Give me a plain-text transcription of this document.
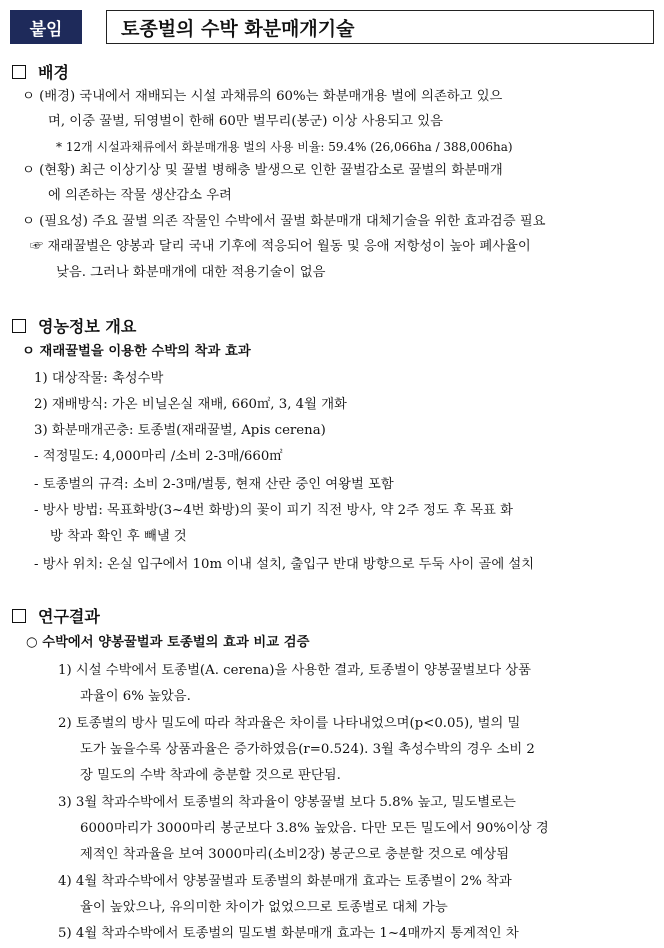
붙임	토종벌의 수박 화분매개기술
배경
ㅇ (배경) 국내에서 재배되는 시설 과채류의 60%는 화분매개용 벌에 의존하고 있으
며, 이중 꿀벌, 뒤영벌이 한해 60만 벌무리(봉군) 이상 사용되고 있음
* 12개 시설과채류에서 화분매개용 벌의 사용 비율: 59.4% (26,066ha / 388,006ha)
ㅇ (현황) 최근 이상기상 및 꿀벌 병해충 발생으로 인한 꿀벌감소로 꿀벌의 화분매개
에 의존하는 작물 생산감소 우려
ㅇ (필요성) 주요 꿀벌 의존 작물인 수박에서 꿀벌 화분매개 대체기술을 위한 효과검증 필요
☞ 재래꿀벌은 양봉과 달리 국내 기후에 적응되어 월동 및 응애 저항성이 높아 폐사율이
낮음. 그러나 화분매개에 대한 적용기술이 없음
영농정보 개요
ㅇ 재래꿀벌을 이용한 수박의 착과 효과
1) 대상작물: 촉성수박
2) 재배방식: 가온 비닐온실 재배, 660㎡, 3, 4월 개화
3) 화분매개곤충: 토종벌(재래꿀벌, Apis cerena)
- 적정밀도: 4,000마리 /소비 2-3매/660㎡
- 토종벌의 규격: 소비 2-3매/벌통, 현재 산란 중인 여왕벌 포함
- 방사 방법: 목표화방(3~4번 화방)의 꽃이 피기 직전 방사, 약 2주 정도 후 목표 화
방 착과 확인 후 빼낼 것
- 방사 위치: 온실 입구에서 10m 이내 설치, 출입구 반대 방향으로 두둑 사이 골에 설치
연구결과
○ 수박에서 양봉꿀벌과 토종벌의 효과 비교 검증
1) 시설 수박에서 토종벌(A. cerena)을 사용한 결과, 토종벌이 양봉꿀벌보다 상품
과율이 6% 높았음.
2) 토종벌의 방사 밀도에 따라 착과율은 차이를 나타내었으며(p<0.05), 벌의 밀
도가 높을수록 상품과율은 증가하였음(r=0.524). 3월 촉성수박의 경우 소비 2
장 밀도의 수박 착과에 충분할 것으로 판단됨.
3) 3월 착과수박에서 토종벌의 착과율이 양봉꿀벌 보다 5.8% 높고, 밀도별로는
6000마리가 3000마리 봉군보다 3.8% 높았음. 다만 모든 밀도에서 90%이상 경
제적인 착과율을 보여 3000마리(소비2장) 봉군으로 충분할 것으로 예상됨
4) 4월 착과수박에서 양봉꿀벌과 토종벌의 화분매개 효과는 토종벌이 2% 착과
율이 높았으나, 유의미한 차이가 없었으므로 토종벌로 대체 가능
5) 4월 착과수박에서 토종벌의 밀도별 화분매개 효과는 1~4매까지 통계적인 차
